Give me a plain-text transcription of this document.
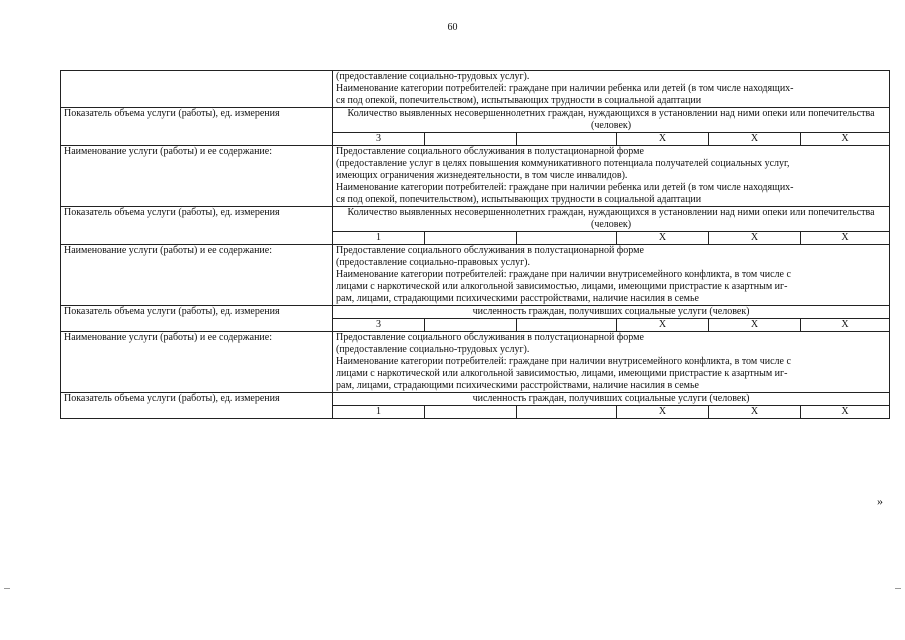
60

	(предоставление социально-трудовых услуг).
Наименование категории потребителей: граждане при наличии ребенка или детей (в том числе находящих-
ся под опекой, попечительством), испытывающих трудности в социальной адаптации					

Показатель объема услуги (работы), ед. измерения	Количество выявленных несовершеннолетних граждан, нуждающихся в установлении над ними опеки или попечительства (человек)					
	3			X	X	X
Наименование услуги (работы) и ее содержание:	Предоставление социального обслуживания в полустационарной форме
(предоставление услуг в целях повышения коммуникативного потенциала получателей социальных услуг,
имеющих ограничения жизнедеятельности, в том числе инвалидов).
Наименование категории потребителей: граждане при наличии ребенка или детей (в том числе находящих-
ся под опекой, попечительством), испытывающих трудности в социальной адаптации					

Показатель объема услуги (работы), ед. измерения	Количество выявленных несовершеннолетних граждан, нуждающихся в установлении над ними опеки или попечительства (человек)					
	1			X	X	X
Наименование услуги (работы) и ее содержание:	Предоставление социального обслуживания в полустационарной форме
(предоставление социально-правовых услуг).
Наименование категории потребителей: граждане при наличии внутрисемейного конфликта, в том числе с
лицами с наркотической или алкогольной зависимостью, лицами, имеющими пристрастие к азартным иг-
рам, лицами, страдающими психическими расстройствами, наличие насилия в семье					

Показатель объема услуги (работы), ед. измерения	численность граждан, получивших социальные услуги (человек)					
	3			X	X	X
Наименование услуги (работы) и ее содержание:	Предоставление социального обслуживания в полустационарной форме
(предоставление социально-трудовых услуг).
Наименование категории потребителей: граждане при наличии внутрисемейного конфликта, в том числе с
лицами с наркотической или алкогольной зависимостью, лицами, имеющими пристрастие к азартным иг-
рам, лицами, страдающими психическими расстройствами, наличие насилия в семье					

Показатель объема услуги (работы), ед. измерения	численность граждан, получивших социальные услуги (человек)					
	1			X	X	X
»
